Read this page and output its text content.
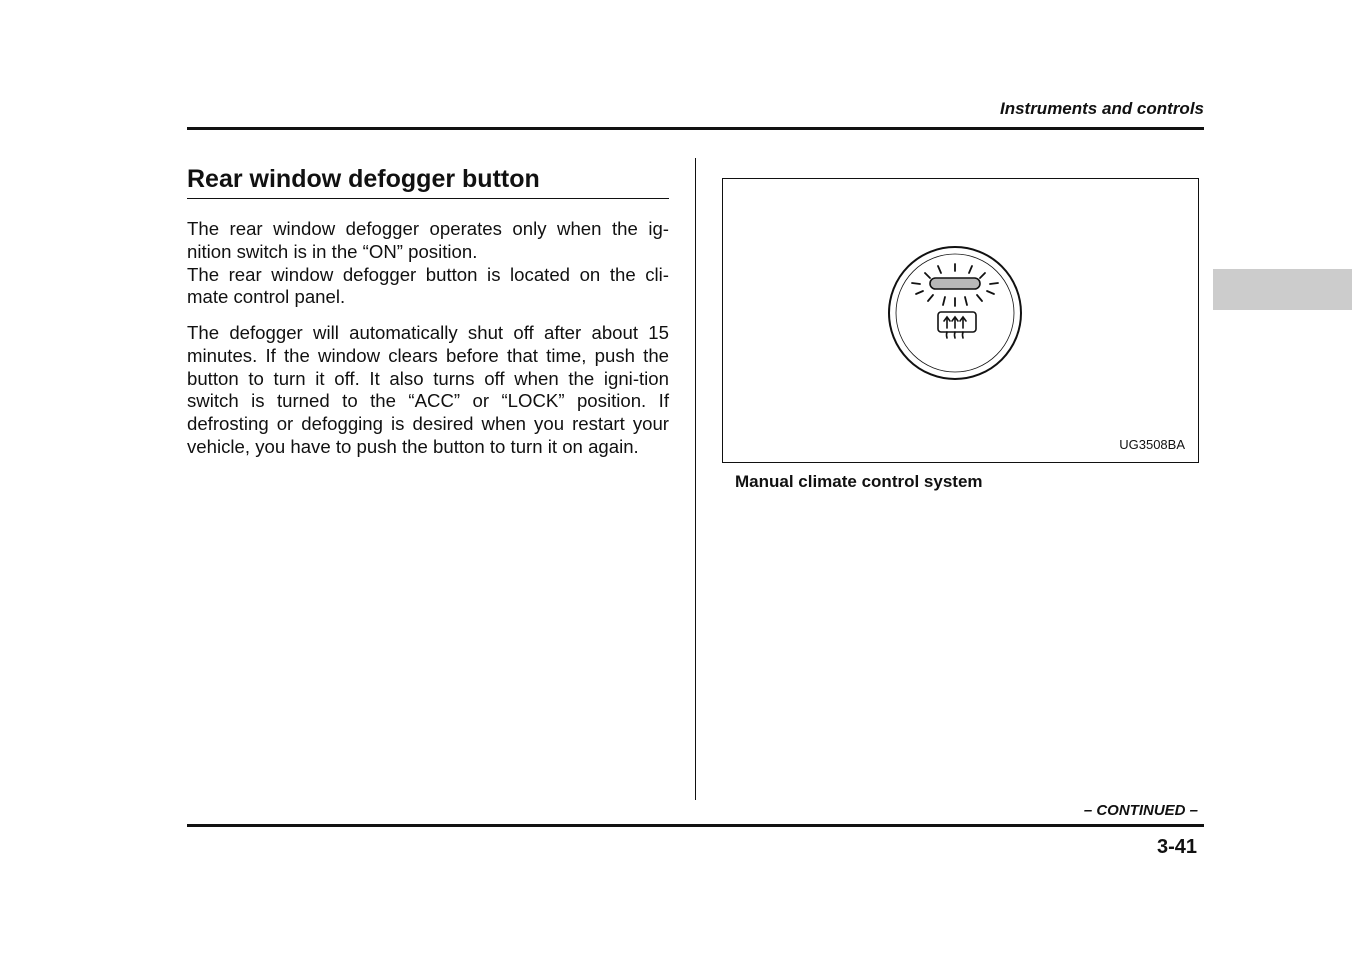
Instruments and controls
Rear window defogger button

The rear window defogger operates only when the ig-nition switch is in the “ON” position.

The rear window defogger button is located on the cli-mate control panel.

The defogger will automatically shut off after about 15 minutes. If the window clears before that time, push the button to turn it off. It also turns off when the igni-tion switch is turned to the “ACC” or “LOCK” position. If defrosting or defogging is desired when you restart your vehicle, you have to push the button to turn it on again.	UG3508BA
Manual climate control system
– CONTINUED –
3-41
